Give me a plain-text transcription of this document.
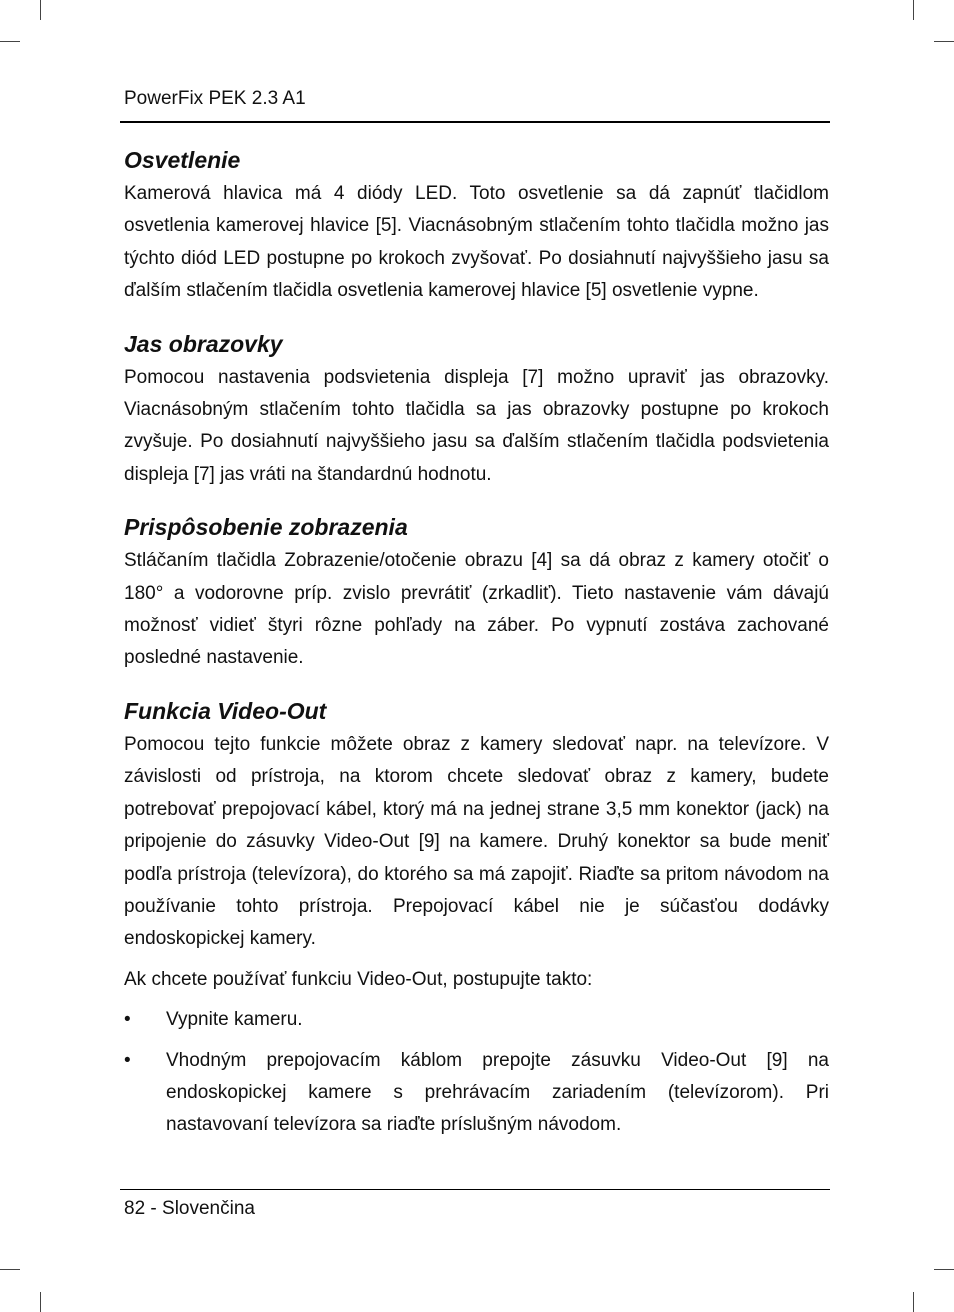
PowerFix PEK 2.3 A1
Osvetlenie

Kamerová hlavica má 4 diódy LED. Toto osvetlenie sa dá zapnúť tlačidlom osvetlenia kamerovej hlavice [5]. Viacnásobným stlačením tohto tlačidla možno jas týchto diód LED postupne po krokoch zvyšovať. Po dosiahnutí najvyššieho jasu sa ďalším stlačením tlačidla osvetlenia kamerovej hlavice [5] osvetlenie vypne.

Jas obrazovky

Pomocou nastavenia podsvietenia displeja [7] možno upraviť jas obrazovky. Viacnásobným stlačením tohto tlačidla sa jas obrazovky postupne po krokoch zvyšuje. Po dosiahnutí najvyššieho jasu sa ďalším stlačením tlačidla podsvietenia displeja [7] jas vráti na štandardnú hodnotu.

Prispôsobenie zobrazenia

Stláčaním tlačidla Zobrazenie/otočenie obrazu [4] sa dá obraz z kamery otočiť o 180° a vodorovne príp. zvislo prevrátiť (zrkadliť). Tieto nastavenie vám dávajú možnosť vidieť štyri rôzne pohľady na záber. Po vypnutí zostáva zachované posledné nastavenie.

Funkcia Video-Out

Pomocou tejto funkcie môžete obraz z kamery sledovať napr. na televízore. V závislosti od prístroja, na ktorom chcete sledovať obraz z kamery, budete potrebovať prepojovací kábel, ktorý má na jednej strane 3,5 mm konektor (jack) na pripojenie do zásuvky Video-Out [9] na kamere. Druhý konektor sa bude meniť podľa prístroja (televízora), do ktorého sa má zapojiť. Riaďte sa pritom návodom na používanie tohto prístroja. Prepojovací kábel nie je súčasťou dodávky endoskopickej kamery.

Ak chcete používať funkciu Video-Out, postupujte takto:

• Vypnite kameru.
• Vhodným prepojovacím káblom prepojte zásuvku Video-Out [9] na endoskopickej kamere s prehrávacím zariadením (televízorom). Pri nastavovaní televízora sa riaďte príslušným návodom.
82 - Slovenčina
